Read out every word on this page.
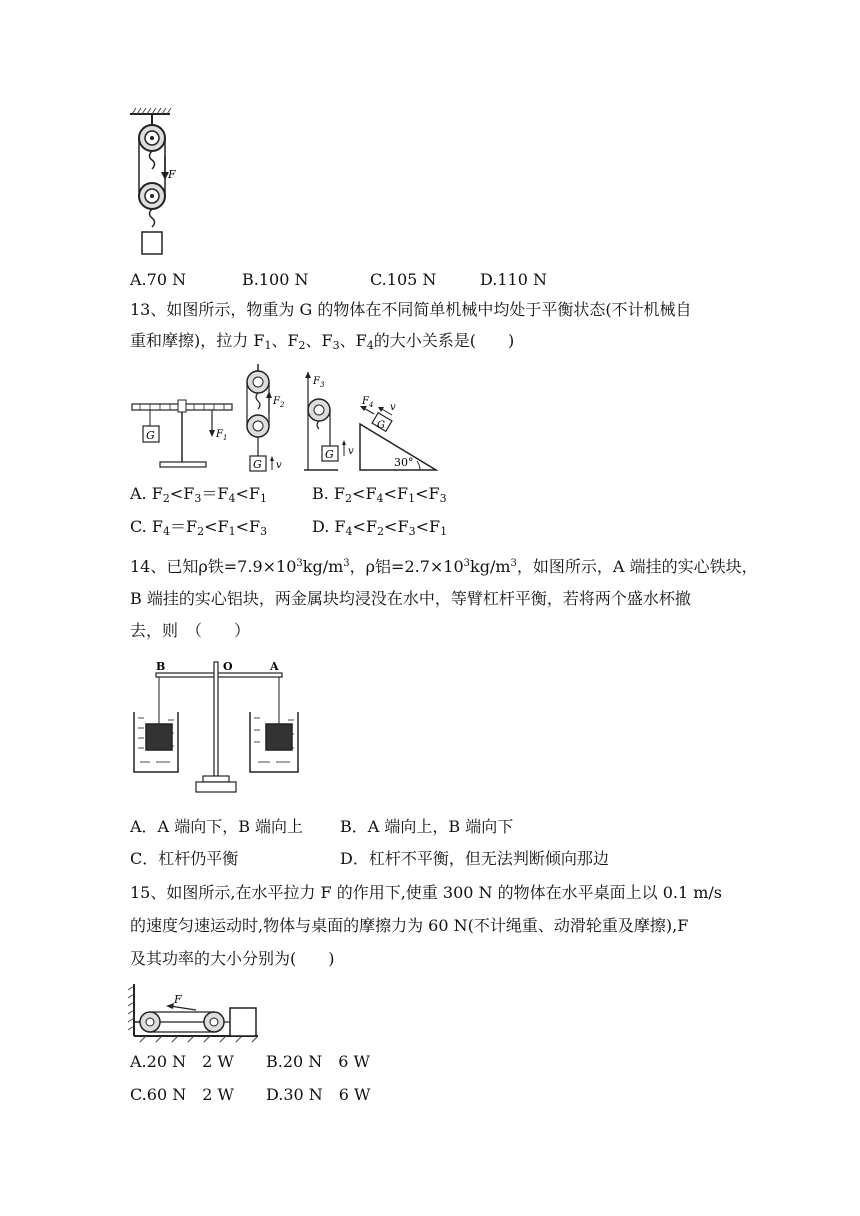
F
A.70 N	B.100 N	C.105 N	D.110 N
13、如图所示，物重为 G 的物体在不同简单机械中均处于平衡状态(不计机械自
重和摩擦)，拉力 $F_1$、$F_2$、$F_3$、$F_4$的大小关系是(　　)
G	$F_1$
$F_2$
G v
$F_3$
G v
G
$F_4$ v
30°
A. $F_2<F_3=F_4<F_1$	B. $F_2<F_4<F_1<F_3$
C. $F_4=F_2<F_1<F_3$	D. $F_4<F_2<F_3<F_1$
14、已知ρ铁$=7.9\times 10^3kg/m^3$，ρ铝$=2.7\times 10^3kg/m^3$，如图所示，A 端挂的实心铁块，
B 端挂的实心铝块，两金属块均浸没在水中，等臂杠杆平衡，若将两个盛水杯撤
去，则　（　　）
B	O	A
A．A 端向下，B 端向上 B．A 端向上，B 端向下
C．杠杆仍平衡	D．杠杆不平衡，但无法判断倾向那边
15、如图所示,在水平拉力 F 的作用下,使重 300 N 的物体在水平桌面上以 0.1 m/s
的速度匀速运动时,物体与桌面的摩擦力为 60 N(不计绳重、动滑轮重及摩擦),F
及其功率的大小分别为(　　)
F
A.20 N　2 W B.20 N　6 W
C.60 N　2 W D.30 N　6 W
